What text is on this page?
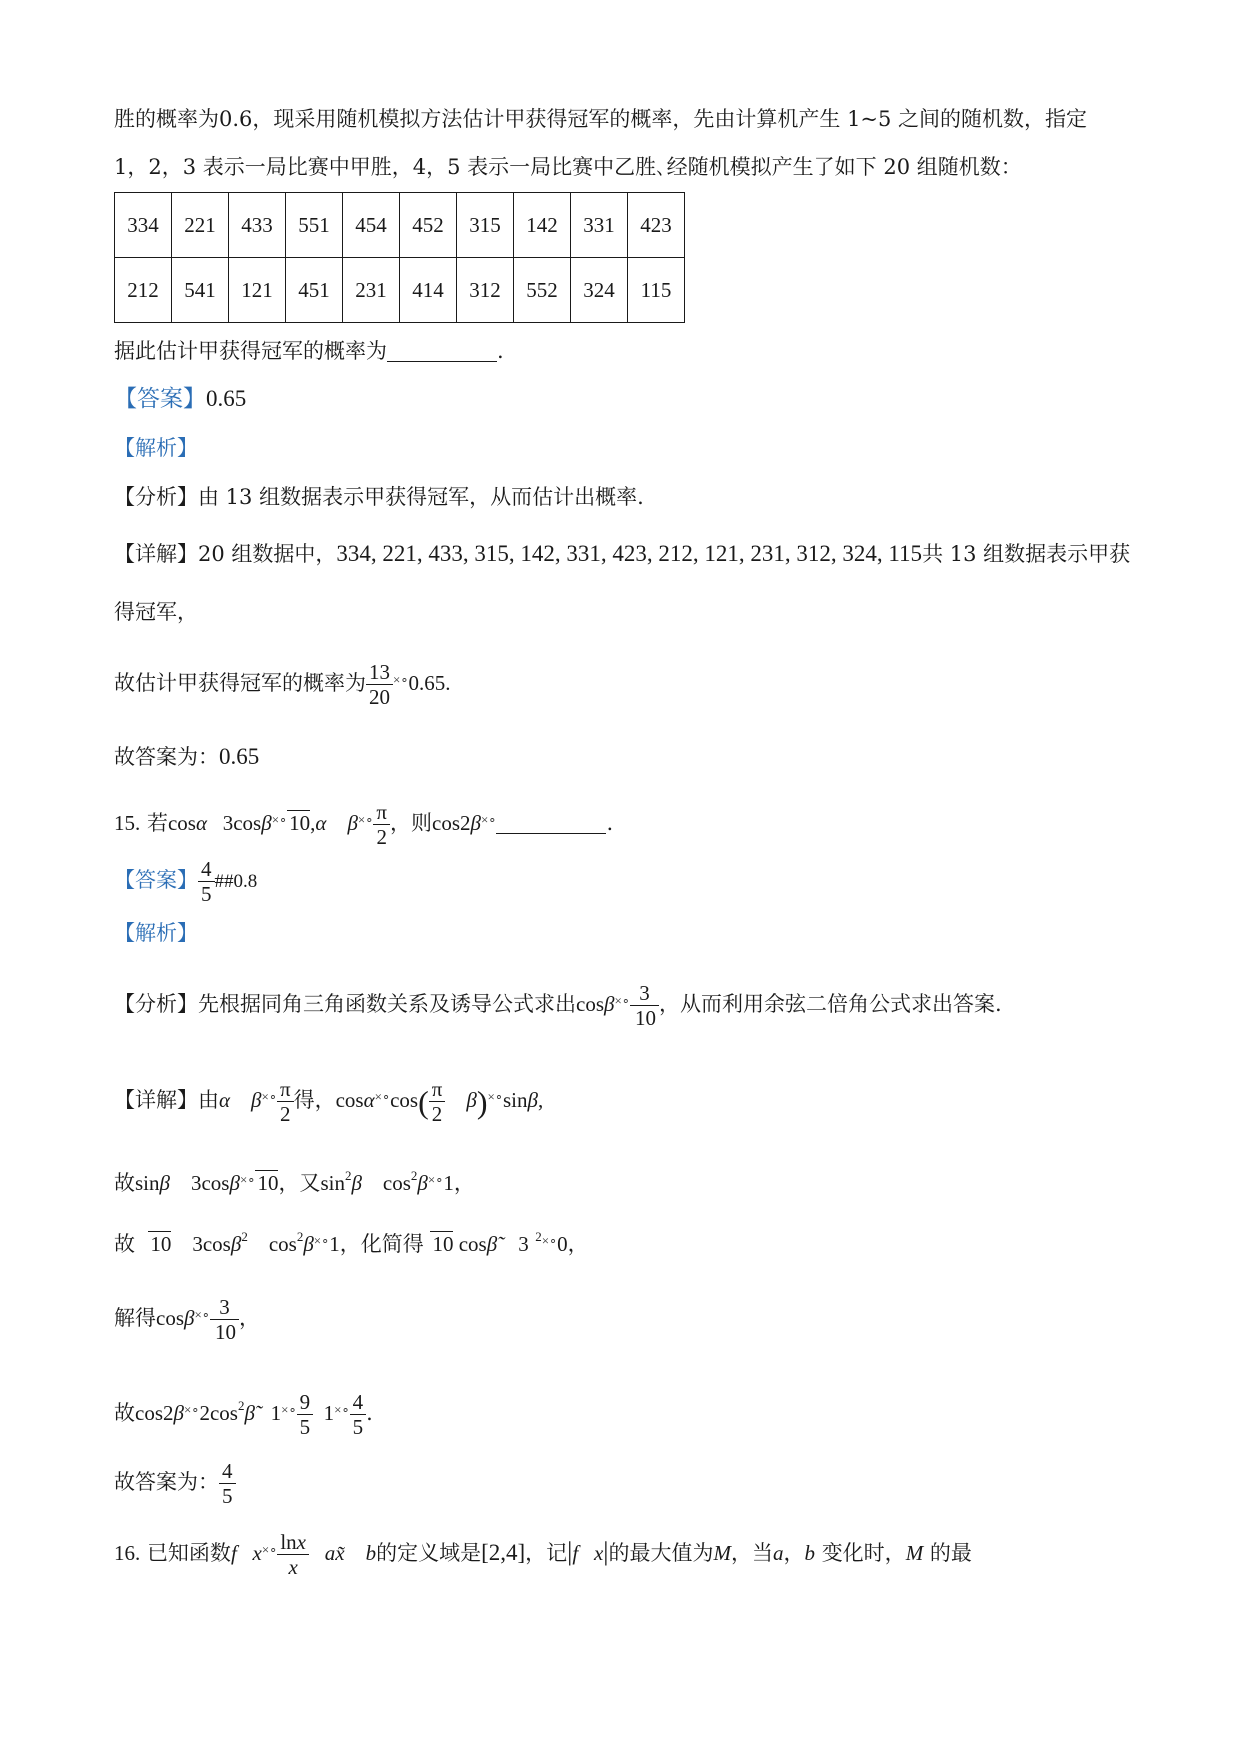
胜的概率为0.6，现采用随机模拟方法估计甲获得冠军的概率，先由计算机产生 1~5 之间的随机数，指定
1，2，3 表示一局比赛中甲胜，4，5 表示一局比赛中乙胜､经随机模拟产生了如下 20 组随机数：
334	221	433	551	454	452	315	142	331	423
212	541	121	451	231	414	312	552	324	115
据此估计甲获得冠军的概率为	.
【答案】0.65
【解析】
【分析】由 13 组数据表示甲获得冠军，从而估计出概率.
【详解】20 组数据中，334, 221, 433, 315, 142, 331, 423, 212, 121, 231, 312, 324, 115共 13 组数据表示甲获
得冠军，
故估计甲获得冠军的概率为 $\frac{13}{20} ^{\times\circ}0.65$.
故答案为：0.65
15. 若cosα​   3cosβ×∘10,α    $\beta^{\times\circ} \frac{\pi}{2}$ ，则cos2β×∘	.
【答案】 $\frac{4}{5}$ ##0.8
【解析】
【分析】先根据同角三角函数关系及诱导公式求出$\cos\beta^{\times\circ} \frac{3}{10}$ ，从而利用余弦二倍角公式求出答案.
【详解】由α    $\beta^{\times\circ} \frac{\pi}{2}$ 得，$\cos\alpha^{\times\circ}\cos( \frac{\pi}{2} \beta)^{\times\circ}\sin\beta$,
故sinβ    3cosβ×∘10，又$\sin^2\beta$    $\cos^2\beta^{\times\circ}1$，
故 10    3cosβ$^2$    $\cos^2\beta^{\times\circ}1$，化简得 10 cosβ̃    3  $^{2\times\circ}$0，
解得$\cos\beta^{\times\circ} \frac{3}{10}$ ，
故$\cos 2\beta^{\times\circ}2\cos^2\betã$   $1^{\times\circ} \frac{9}{5} 1^{\times\circ} \frac{4}{5}$ .
故答案为： $\frac{4}{5}$
16. 已知函数f   $x^{\times\circ} \frac{\ln x}{x}$ ax̃    b的定义域是[2,4]，记|f   x|的最大值为M，当a，b 变化时，M 的最
